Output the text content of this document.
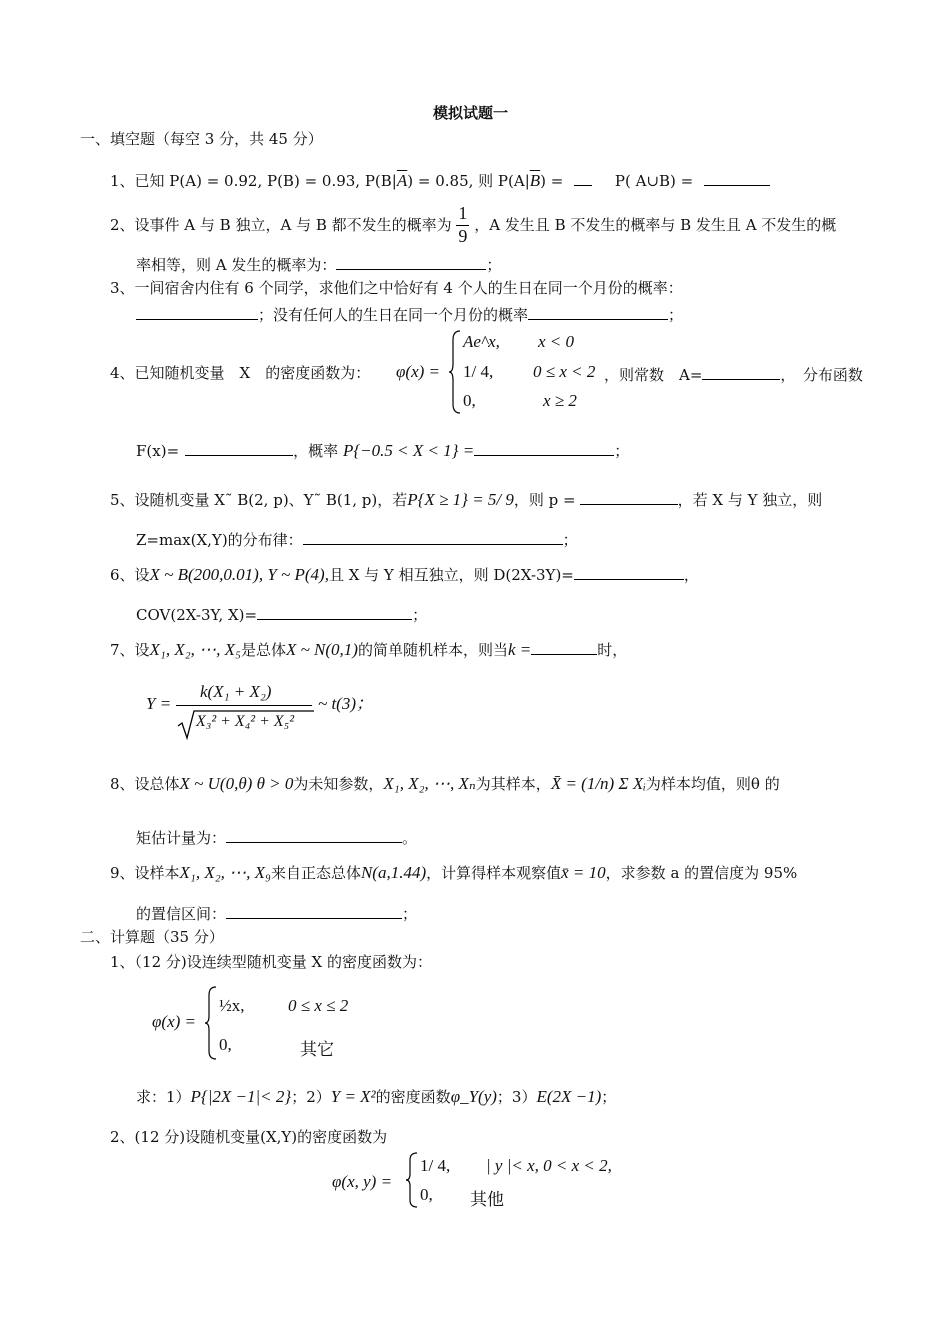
模拟试题一
一、填空题（每空 3 分，共 45 分）
1、已知 P(A) = 0.92, P(B) = 0.93, $P(B|\overline{A}) = 0.85$, 则 $P(A|\overline{B})$ =	P( A∪B) =
2、设事件 A 与 B 独立，A 与 B 都不发生的概率为 $\frac{1}{9}$ ，A 发生且 B 不发生的概率与 B 发生且 A 不发生的概
率相等，则 A 发生的概率为：	；
3、一间宿舍内住有 6 个同学，求他们之中恰好有 4 个人的生日在同一个月份的概率：
；没有任何人的生日在同一个月份的概率	；
4、已知随机变量　X　的密度函数为： φ(x) =
Ae^x, x < 0
1/ 4, 0 ≤ x < 2
0,	x ≥ 2
，则常数　A=	，　分布函数
F(x)=	，概率 P{−0.5 < X < 1} =	；
5、设随机变量 X˜ B(2, p)、Y˜ B(1, p)，若P{X ≥ 1} = 5/ 9，则 p =	，若 X 与 Y 独立，则
Z=max(X,Y)的分布律：	；
6、设X ~ B(200,0.01), Y ~ P(4),且 X 与 Y 相互独立，则 D(2X-3Y)=	，
COV(2X-3Y, X)=	；
7、设X₁, X₂, ⋯, X₅是总体X ~ N(0,1)的简单随机样本，则当k =	时，
Y =
k(X₁ + X₂)
X₃² + X₄² + X₅²
~ t(3)；
8、设总体X ~ U(0,θ) θ > 0为未知参数，X₁, X₂, ⋯, Xₙ为其样本，X̄ = (1/n) Σ Xᵢ为样本均值，则θ 的
矩估计量为：	。
9、设样本X₁, X₂, ⋯, X₉来自正态总体N(a,1.44)，计算得样本观察值x̄ = 10，求参数 a 的置信度为 95%
的置信区间：	；
二、计算题（35 分）
1、（12 分)设连续型随机变量 X 的密度函数为：
φ(x) =
½x,	0 ≤ x ≤ 2
0,	其它
求：1）P{|2X −1|< 2}；2）Y = X²的密度函数φ_Y(y)；3）E(2X −1)；
2、(12 分)设随机变量(X,Y)的密度函数为
φ(x, y) =
1/ 4, | y |< x, 0 < x < 2,
0, 其他
